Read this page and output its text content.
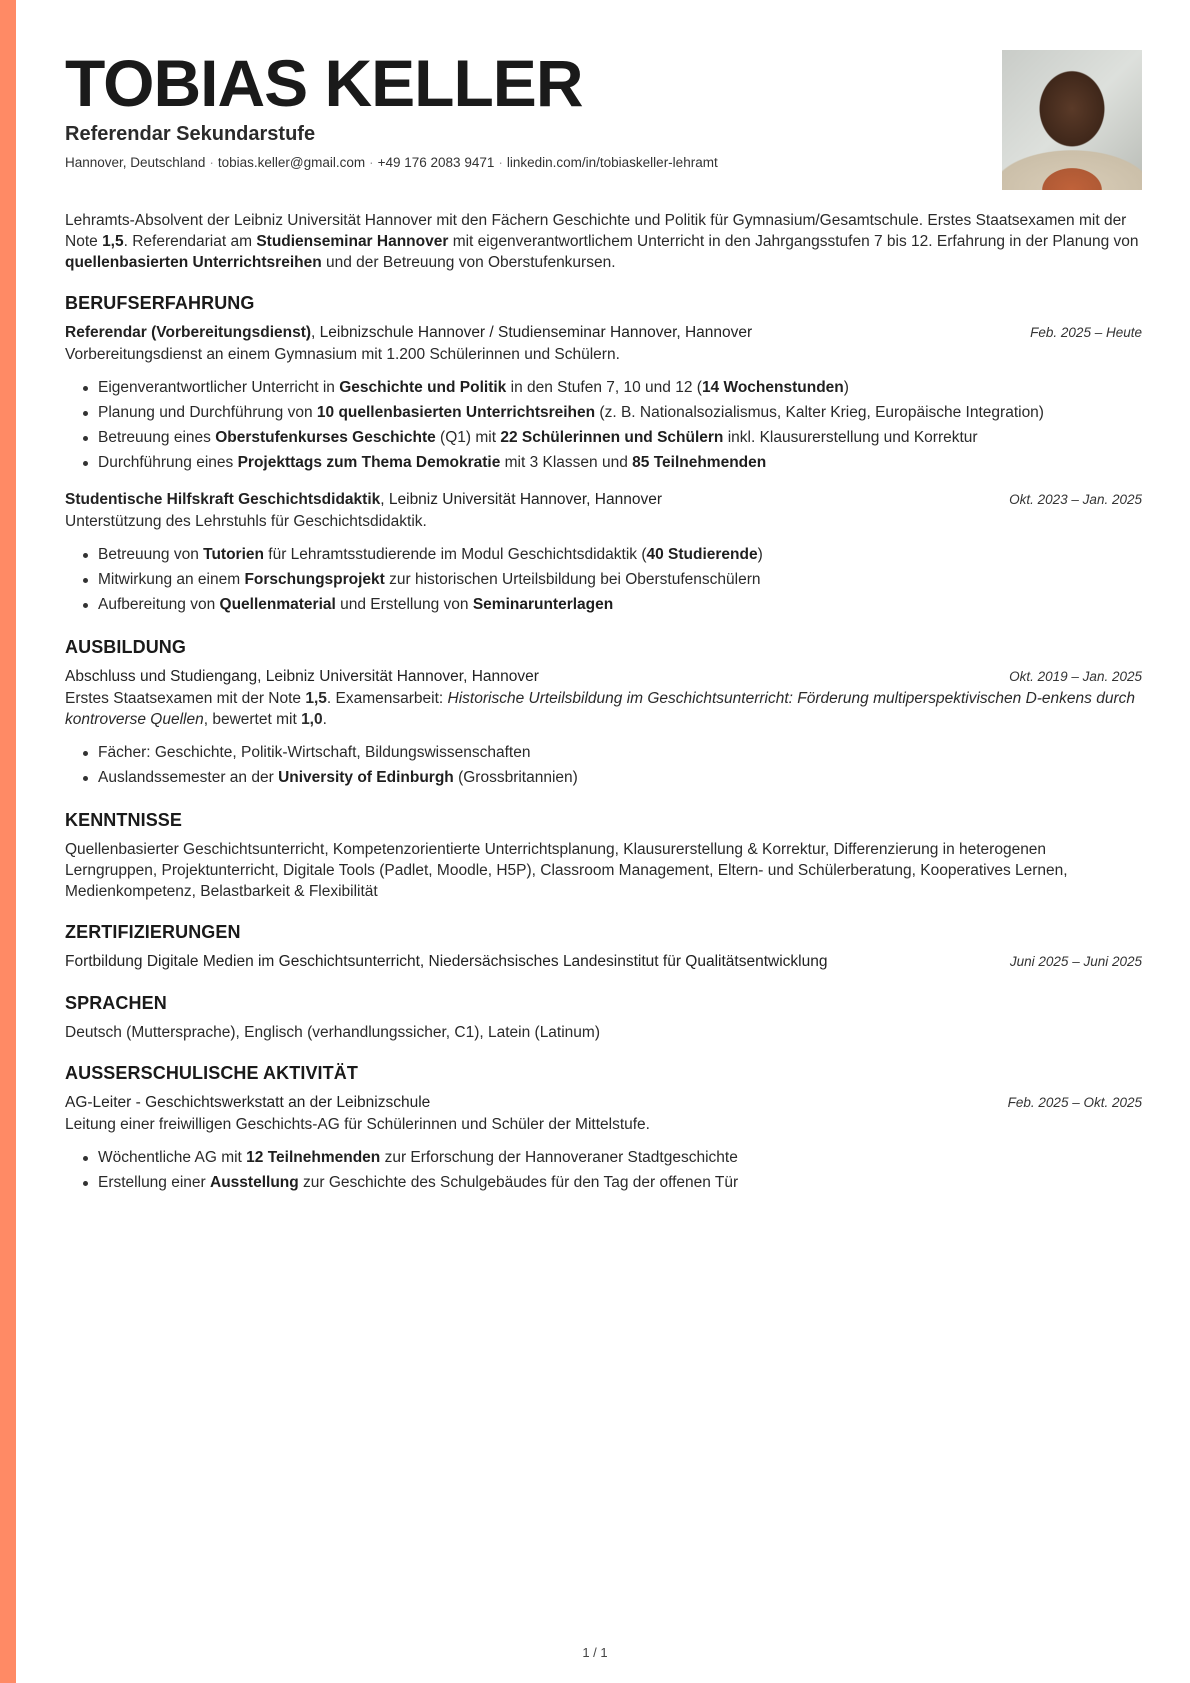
TOBIAS KELLER
Referendar Sekundarstufe
Hannover, Deutschland · tobias.keller@gmail.com · +49 176 2083 9471 · linkedin.com/in/tobiaskeller-lehramt

Lehramts-Absolvent der Leibniz Universität Hannover mit den Fächern Geschichte und Politik für Gymnasium/Gesamtschule. Erstes Staatsexamen mit der Note 1,5. Referendariat am Studienseminar Hannover mit eigenverantwortlichem Unterricht in den Jahrgangsstufen 7 bis 12. Erfahrung in der Planung von quellenbasierten Unterrichtsreihen und der Betreuung von Oberstufenkursen.

BERUFSERFAHRUNG
Referendar (Vorbereitungsdienst), Leibnizschule Hannover / Studienseminar Hannover, Hannover	Feb. 2025 – Heute
Vorbereitungsdienst an einem Gymnasium mit 1.200 Schülerinnen und Schülern.
Eigenverantwortlicher Unterricht in Geschichte und Politik in den Stufen 7, 10 und 12 (14 Wochenstunden)
Planung und Durchführung von 10 quellenbasierten Unterrichtsreihen (z. B. Nationalsozialismus, Kalter Krieg, Europäische Integration)
Betreuung eines Oberstufenkurses Geschichte (Q1) mit 22 Schülerinnen und Schülern inkl. Klausurerstellung und Korrektur
Durchführung eines Projekttags zum Thema Demokratie mit 3 Klassen und 85 Teilnehmenden
Studentische Hilfskraft Geschichtsdidaktik, Leibniz Universität Hannover, Hannover	Okt. 2023 – Jan. 2025
Unterstützung des Lehrstuhls für Geschichtsdidaktik.
Betreuung von Tutorien für Lehramtsstudierende im Modul Geschichtsdidaktik (40 Studierende)
Mitwirkung an einem Forschungsprojekt zur historischen Urteilsbildung bei Oberstufenschülern
Aufbereitung von Quellenmaterial und Erstellung von Seminarunterlagen
AUSBILDUNG
Abschluss und Studiengang, Leibniz Universität Hannover, Hannover	Okt. 2019 – Jan. 2025
Erstes Staatsexamen mit der Note 1,5. Examensarbeit: Historische Urteilsbildung im Geschichtsunterricht: Förderung multiperspektivischen D-enkens durch kontroverse Quellen, bewertet mit 1,0.
Fächer: Geschichte, Politik-Wirtschaft, Bildungswissenschaften
Auslandssemester an der University of Edinburgh (Grossbritannien)
KENNTNISSE

Quellenbasierter Geschichtsunterricht, Kompetenzorientierte Unterrichtsplanung, Klausurerstellung & Korrektur, Differenzierung in heterogenen Lerngruppen, Projektunterricht, Digitale Tools (Padlet, Moodle, H5P), Classroom Management, Eltern- und Schülerberatung, Kooperatives Lernen, Medienkompetenz, Belastbarkeit & Flexibilität

ZERTIFIZIERUNGEN
Fortbildung Digitale Medien im Geschichtsunterricht, Niedersächsisches Landesinstitut für Qualitätsentwicklung	Juni 2025 – Juni 2025
SPRACHEN

Deutsch (Muttersprache), Englisch (verhandlungssicher, C1), Latein (Latinum)

AUSSERSCHULISCHE AKTIVITÄT
AG-Leiter - Geschichtswerkstatt an der Leibnizschule	Feb. 2025 – Okt. 2025
Leitung einer freiwilligen Geschichts-AG für Schülerinnen und Schüler der Mittelstufe.
Wöchentliche AG mit 12 Teilnehmenden zur Erforschung der Hannoveraner Stadtgeschichte
Erstellung einer Ausstellung zur Geschichte des Schulgebäudes für den Tag der offenen Tür
1 / 1
